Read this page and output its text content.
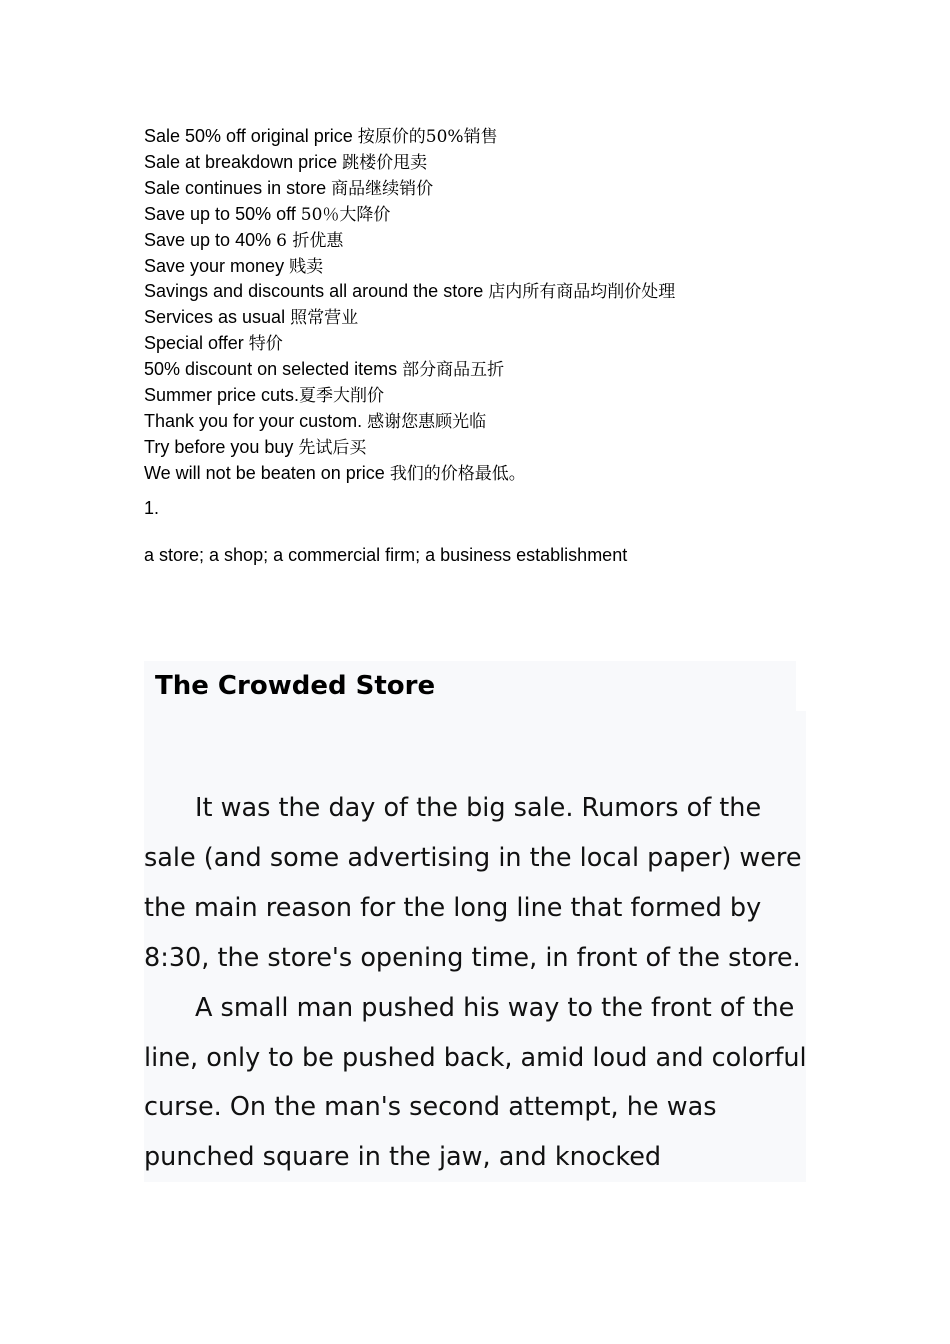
Sale 50% off original price 按原价的50%销售
Sale at breakdown price 跳楼价甩卖
Sale continues in store 商品继续销价
Save up to 50% off 50％大降价
Save up to 40% 6 折优惠
Save your money 贱卖
Savings and discounts all around the store 店内所有商品均削价处理
Services as usual 照常营业
Special offer 特价
50% discount on selected items 部分商品五折
Summer price cuts.夏季大削价
Thank you for your custom. 感谢您惠顾光临
Try before you buy 先试后买
We will not be beaten on price 我们的价格最低。
1.
a store; a shop; a commercial firm; a business establishment
The Crowded Store

It was the day of the big sale. Rumors of the sale (and some advertising in the local paper) were the main reason for the long line that formed by 8:30, the store's opening time, in front of the store.

A small man pushed his way to the front of the line, only to be pushed back, amid loud and colorful curse. On the man's second attempt, he was punched square in the jaw, and knocked
